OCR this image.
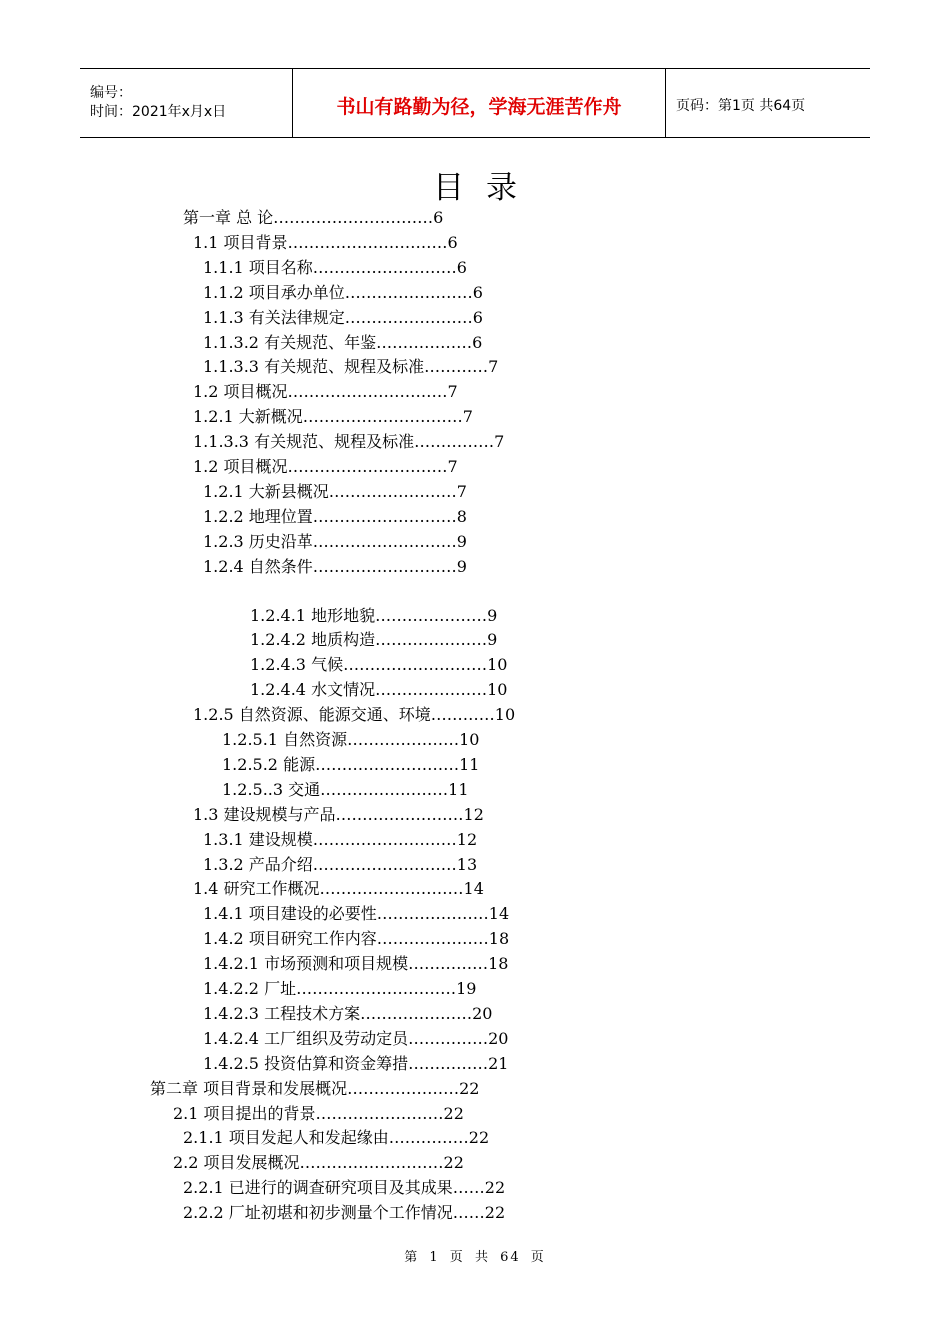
编号：
时间：2021年x月x日	书山有路勤为径，学海无涯苦作舟	页码：第1页 共64页
目录
第一章 总 论…………………………6
1.1 项目背景…………………………6
1.1.1 项目名称………………………6
1.1.2 项目承办单位……………………6
1.1.3 有关法律规定……………………6
1.1.3.2 有关规范、年鉴………………6
1.1.3.3 有关规范、规程及标准…………7
1.2 项目概况…………………………7
1.2.1 大新概况…………………………7
1.1.3.3 有关规范、规程及标准……………7
1.2 项目概况…………………………7
1.2.1 大新县概况……………………7
1.2.2 地理位置………………………8
1.2.3 历史沿革………………………9
1.2.4 自然条件………………………9
1.2.4.1 地形地貌…………………9
1.2.4.2 地质构造…………………9
1.2.4.3 气候………………………10
1.2.4.4 水文情况…………………10
1.2.5 自然资源、能源交通、环境…………10
1.2.5.1 自然资源…………………10
1.2.5.2 能源………………………11
1.2.5..3 交通……………………11
1.3 建设规模与产品……………………12
1.3.1 建设规模………………………12
1.3.2 产品介绍………………………13
1.4 研究工作概况………………………14
1.4.1 项目建设的必要性…………………14
1.4.2 项目研究工作内容…………………18
1.4.2.1 市场预测和项目规模……………18
1.4.2.2 厂址…………………………19
1.4.2.3 工程技术方案…………………20
1.4.2.4 工厂组织及劳动定员……………20
1.4.2.5 投资估算和资金筹措……………21
第二章 项目背景和发展概况…………………22
2.1 项目提出的背景……………………22
2.1.1 项目发起人和发起缘由……………22
2.2 项目发展概况………………………22
2.2.1 已进行的调查研究项目及其成果……22
2.2.2 厂址初堪和初步测量个工作情况……22
第 1 页 共 64 页
